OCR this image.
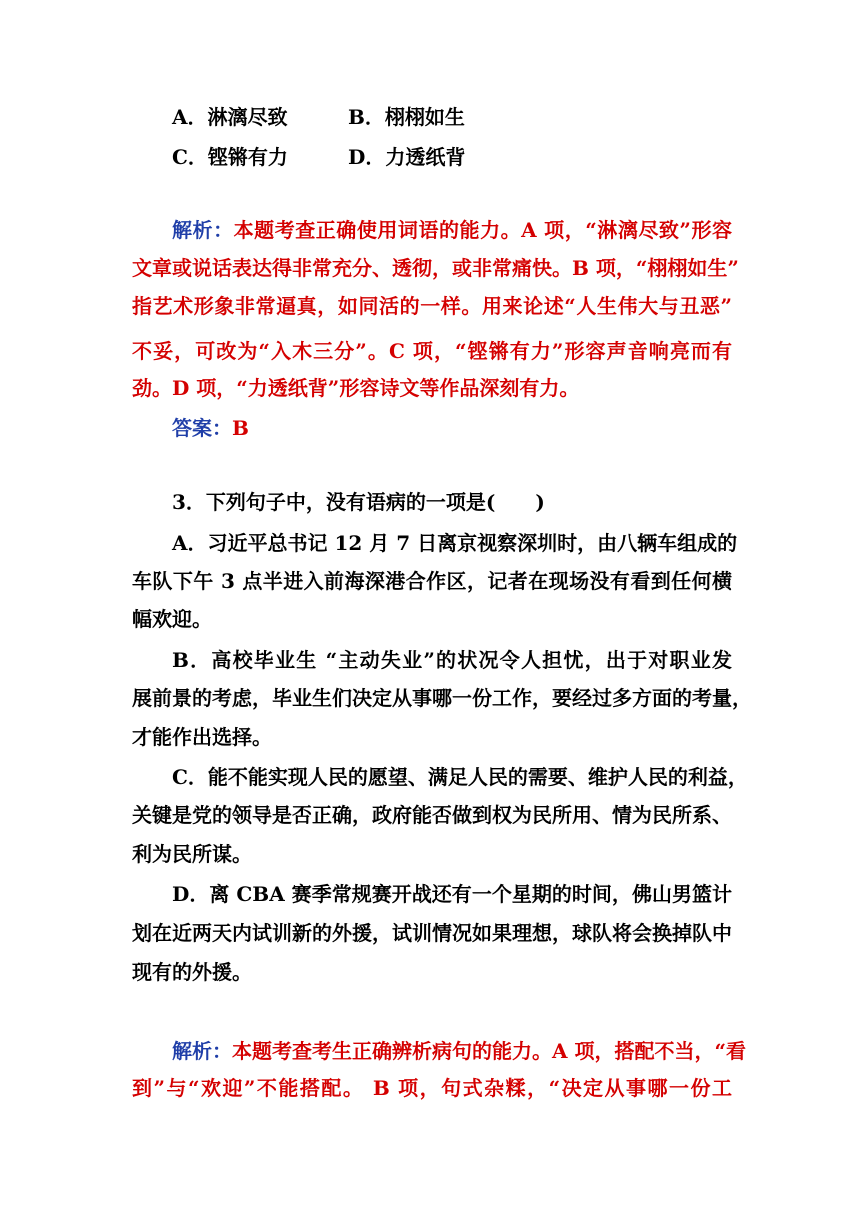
A．淋漓尽致	B．栩栩如生
C．铿锵有力	D．力透纸背
解析：本题考查正确使用词语的能力。A 项，“淋漓尽致”形容
文章或说话表达得非常充分、透彻，或非常痛快。B 项，“栩栩如生”
指艺术形象非常逼真，如同活的一样。用来论述“人生伟大与丑恶”
不妥，可改为“入木三分”。C 项，“铿锵有力”形容声音响亮而有
劲。D 项，“力透纸背”形容诗文等作品深刻有力。
答案：B
3．下列句子中，没有语病的一项是(　　)
A．习近平总书记 12 月 7 日离京视察深圳时，由八辆车组成的
车队下午 3 点半进入前海深港合作区，记者在现场没有看到任何横
幅欢迎。
B．高校毕业生 “主动失业”的状况令人担忧，出于对职业发
展前景的考虑，毕业生们决定从事哪一份工作，要经过多方面的考量，
才能作出选择。
C．能不能实现人民的愿望、满足人民的需要、维护人民的利益，
关键是党的领导是否正确，政府能否做到权为民所用、情为民所系、
利为民所谋。
D．离 CBA 赛季常规赛开战还有一个星期的时间，佛山男篮计
划在近两天内试训新的外援，试训情况如果理想，球队将会换掉队中
现有的外援。
解析：本题考查考生正确辨析病句的能力。A 项，搭配不当，“看
到”与“欢迎”不能搭配。 B 项，句式杂糅，“决定从事哪一份工
